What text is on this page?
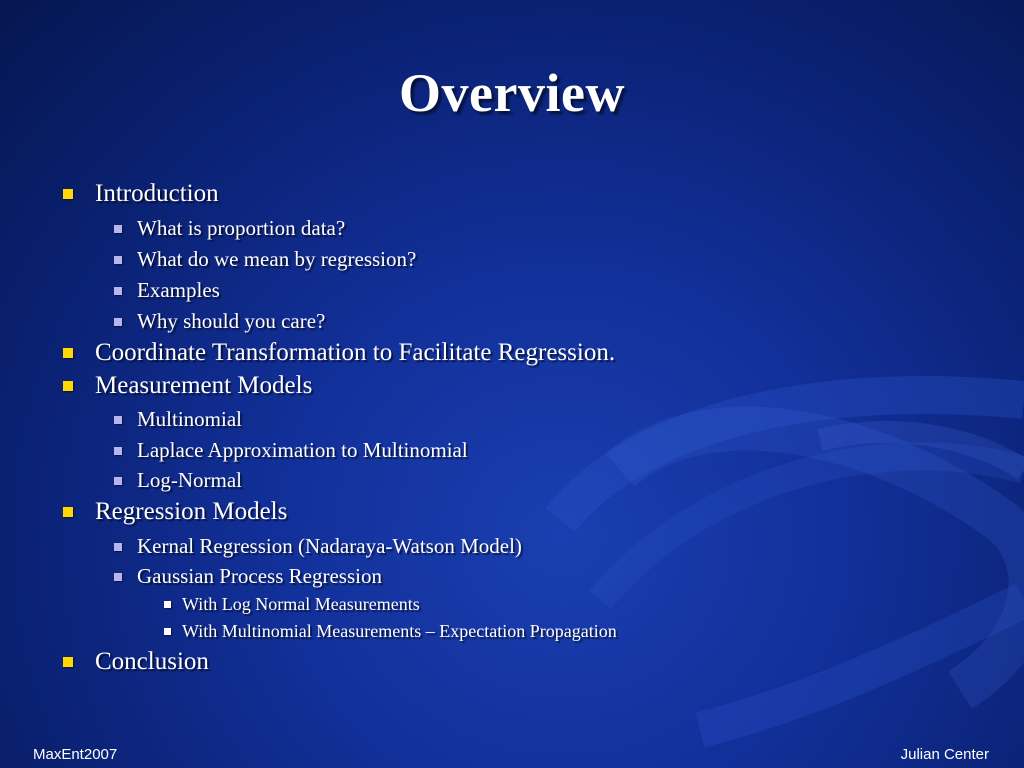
Overview
Introduction
What is proportion data?
What do we mean by regression?
Examples
Why should you care?
Coordinate Transformation to Facilitate Regression.
Measurement Models
Multinomial
Laplace Approximation to Multinomial
Log-Normal
Regression Models
Kernal Regression (Nadaraya-Watson Model)
Gaussian Process Regression
With Log Normal Measurements
With Multinomial Measurements – Expectation Propagation
Conclusion
MaxEnt2007	Julian Center
